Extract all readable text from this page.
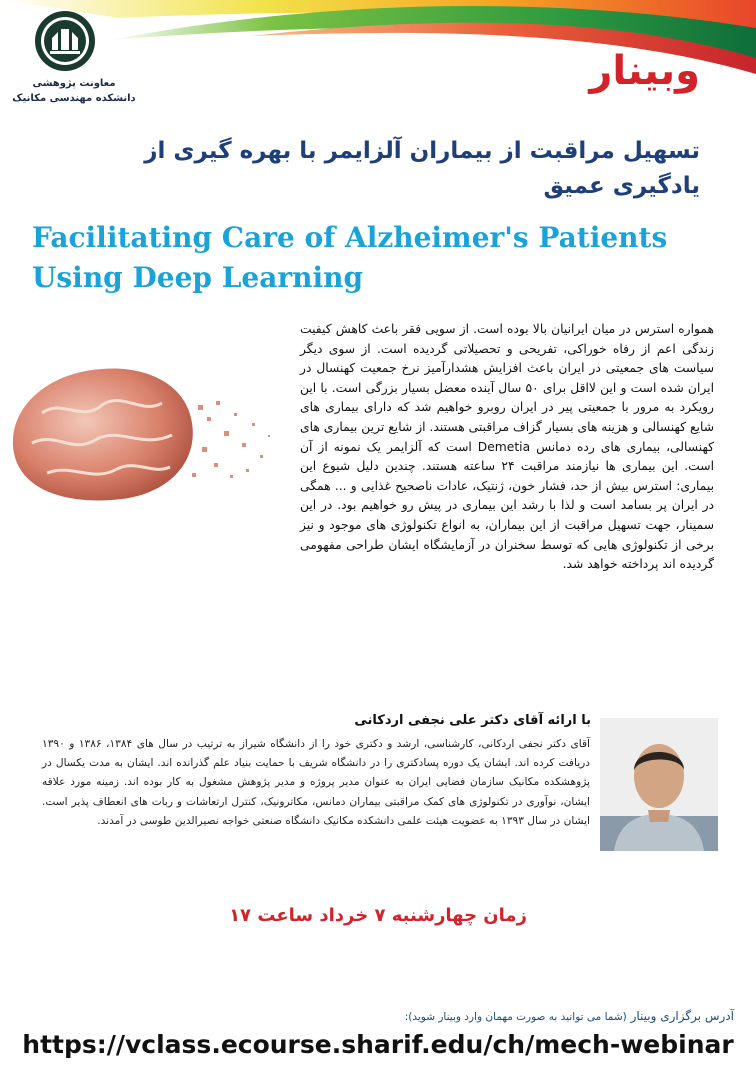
معاونت پژوهشی
دانشکده مهندسی مکانیک
وبینار
تسهیل مراقبت از بیماران آلزایمر با بهره گیری از یادگیری عمیق
Facilitating Care of Alzheimer's Patients
Using Deep Learning
همواره استرس در میان ایرانیان بالا بوده است. از سویی فقر باعث کاهش کیفیت زندگی اعم از رفاه خوراکی، تفریحی و تحصیلاتی گردیده است. از سوی دیگر سیاست های جمعیتی در ایران باعث افزایش هشدارآمیز نرخ جمعیت کهنسال در ایران شده است و این لااقل برای ۵۰ سال آینده معضل بسیار بزرگی است. با این رویکرد به مرور با جمعیتی پیر در ایران روبرو خواهیم شد که دارای بیماری های شایع کهنسالی و هزینه های بسیار گزاف مراقبتی هستند. از شایع ترین بیماری های کهنسالی، بیماری های رده دمانس Demetia است که آلزایمر یک نمونه از آن است. این بیماری ها نیازمند مراقبت ۲۴ ساعته هستند. چندین دلیل شیوع این بیماری: استرس بیش از حد، فشار خون، ژنتیک، عادات ناصحیح غذایی و ... همگی در ایران پر بسامد است و لذا با رشد این بیماری در پیش رو خواهیم بود. در این سمینار، جهت تسهیل مراقبت از این بیماران، به انواع تکنولوژی های موجود و نیز برخی از تکنولوژی هایی که توسط سخنران در آزمایشگاه ایشان طراحی مفهومی گردیده اند پرداخته خواهد شد.
با ارائه آقای دکتر علی نجفی اردکانی
آقای دکتر نجفی اردکانی، کارشناسی، ارشد و دکتری خود را از دانشگاه شیراز به ترتیب در سال های ۱۳۸۴، ۱۳۸۶ و ۱۳۹۰ دریافت کرده اند. ایشان یک دوره پسادکتری را در دانشگاه شریف با حمایت بنیاد علم گذرانده اند. ایشان به مدت یکسال در پژوهشکده مکانیک سازمان فضایی ایران به عنوان مدیر پروژه و مدیر پژوهش مشغول به کار بوده اند. زمینه مورد علاقه ایشان، نوآوری در تکنولوژی های کمک مراقبتی بیماران دمانس، مکاترونیک، کنترل ارتعاشات و ربات های انعطاف پذیر است. ایشان در سال ۱۳۹۳ به عضویت هیئت علمی دانشکده مکانیک دانشگاه صنعتی خواجه نصیرالدین طوسی در آمدند.
زمان چهارشنبه ۷ خرداد ساعت ۱۷
آدرس برگزاری وبینار (شما می توانید به صورت مهمان وارد وبینار شوید):
https://vclass.ecourse.sharif.edu/ch/mech-webinar
